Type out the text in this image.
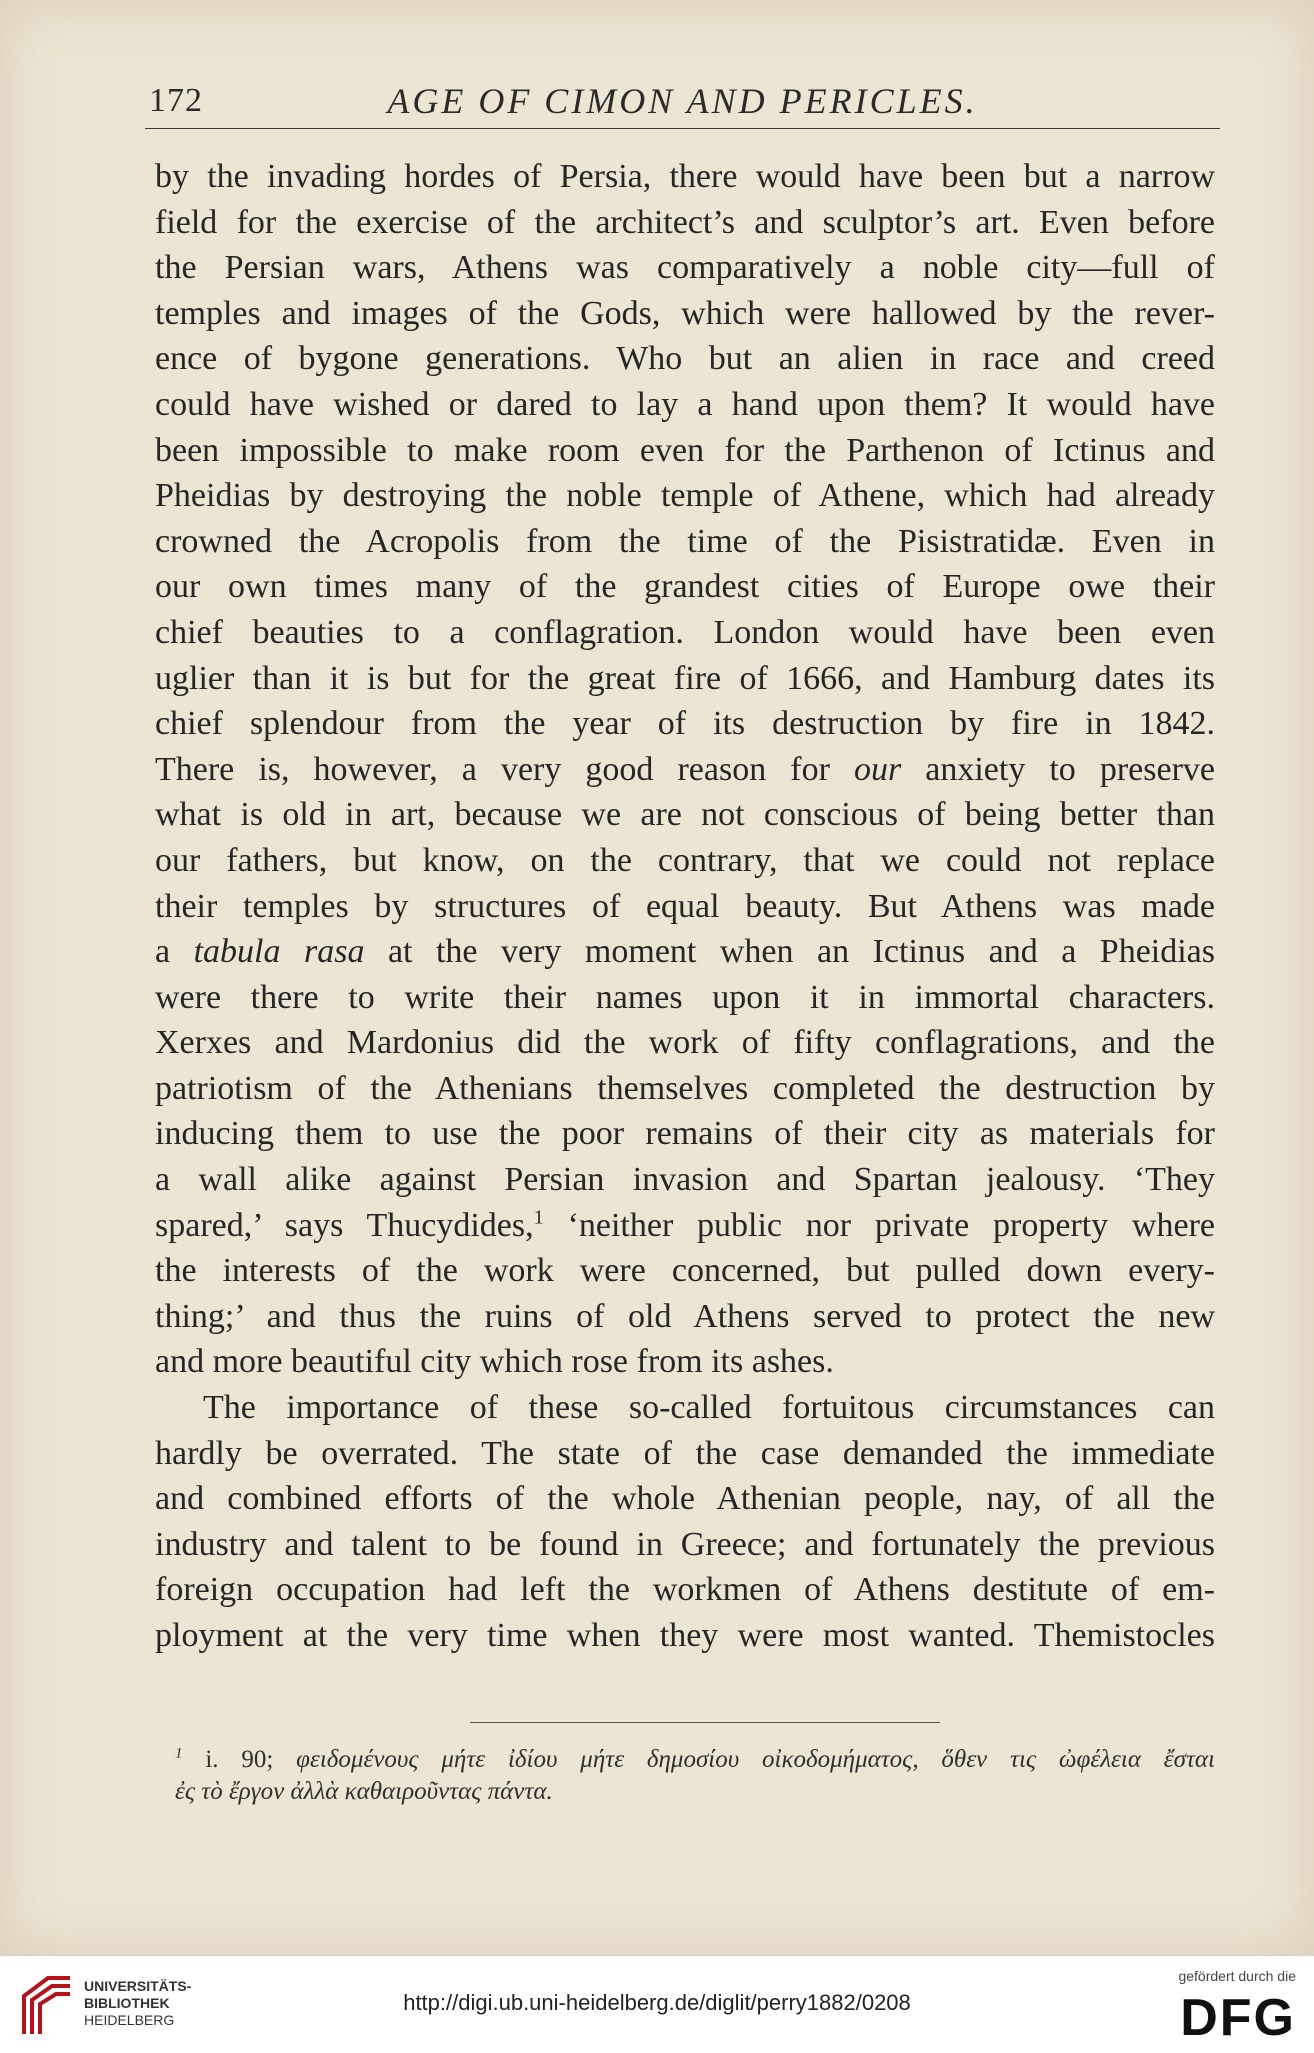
172	AGE OF CIMON AND PERICLES.
by the invading hordes of Persia, there would have been but a narrow
field for the exercise of the architect’s and sculptor’s art. Even before
the Persian wars, Athens was comparatively a noble city—full of
temples and images of the Gods, which were hallowed by the rever-
ence of bygone generations. Who but an alien in race and creed
could have wished or dared to lay a hand upon them? It would have
been impossible to make room even for the Parthenon of Ictinus and
Pheidias by destroying the noble temple of Athene, which had already
crowned the Acropolis from the time of the Pisistratidæ. Even in
our own times many of the grandest cities of Europe owe their
chief beauties to a conflagration. London would have been even
uglier than it is but for the great fire of 1666, and Hamburg dates its
chief splendour from the year of its destruction by fire in 1842.
There is, however, a very good reason for our anxiety to preserve
what is old in art, because we are not conscious of being better than
our fathers, but know, on the contrary, that we could not replace
their temples by structures of equal beauty. But Athens was made
a tabula rasa at the very moment when an Ictinus and a Pheidias
were there to write their names upon it in immortal characters.
Xerxes and Mardonius did the work of fifty conflagrations, and the
patriotism of the Athenians themselves completed the destruction by
inducing them to use the poor remains of their city as materials for
a wall alike against Persian invasion and Spartan jealousy. ‘They
spared,’ says Thucydides,$^1$ ‘neither public nor private property where
the interests of the work were concerned, but pulled down every-
thing;’ and thus the ruins of old Athens served to protect the new
and more beautiful city which rose from its ashes.
The importance of these so-called fortuitous circumstances can
hardly be overrated. The state of the case demanded the immediate
and combined efforts of the whole Athenian people, nay, of all the
industry and talent to be found in Greece; and fortunately the previous
foreign occupation had left the workmen of Athens destitute of em-
ployment at the very time when they were most wanted. Themistocles
$^1$ i. 90; φειδομένους μήτε ἰδίου μήτε δημοσίου οἰκοδομήματος, ὅθεν τις ὠφέλεια ἔσται
ἐς τὸ ἔργον ἀλλὰ καθαιροῦντας πάντα.
UNIVERSITÄTS-
BIBLIOTHEK
HEIDELBERG
http://digi.ub.uni-heidelberg.de/diglit/perry1882/0208
gefördert durch die
DFG
